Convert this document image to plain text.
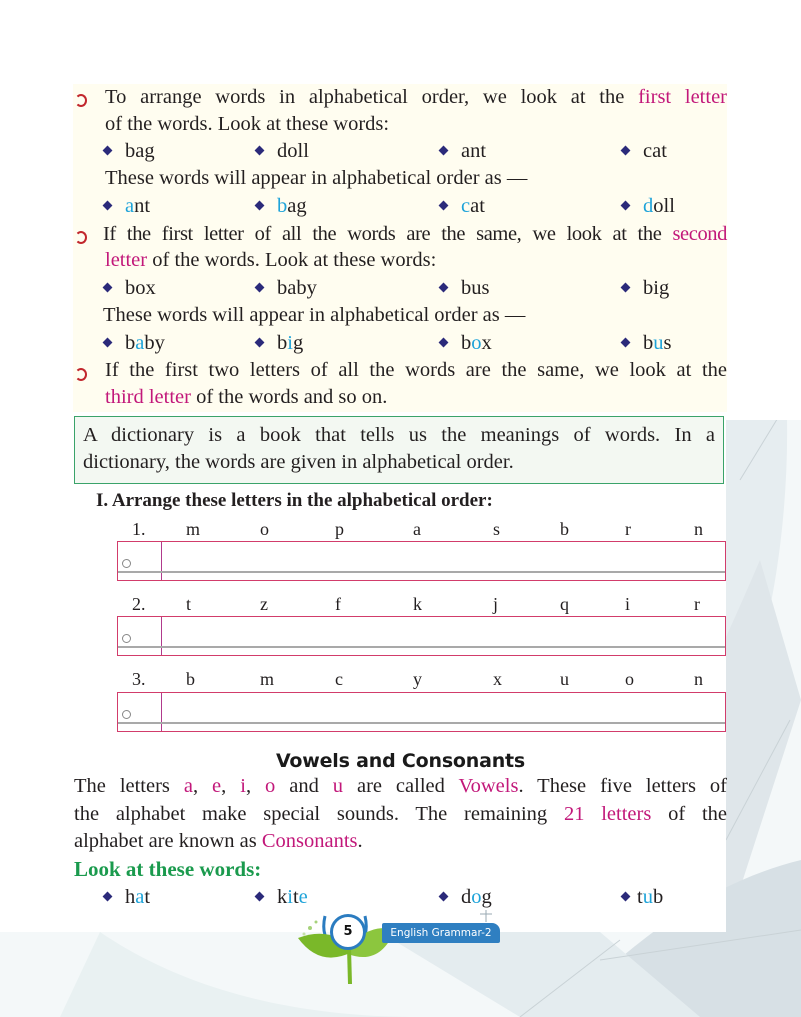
To arrange words in alphabetical order, we look at the first letter
of the words. Look at these words:
bag	doll	ant	cat
These words will appear in alphabetical order as —
ant	bag	cat	doll
If the first letter of all the words are the same, we look at the second
letter of the words. Look at these words:
box	baby	bus	big
These words will appear in alphabetical order as —
baby	big	box	bus
If the first two letters of all the words are the same, we look at the
third letter of the words and so on.
A dictionary is a book that tells us the meanings of words. In a
dictionary, the words are given in alphabetical order.
I. Arrange these letters in the alphabetical order:
1. m	o	p	a	s	b	r	n
2. t	z	f	k	j	q	i	r
3. b	m	c	y	x	u	o	n
Vowels and Consonants
The letters a, e, i, o and u are called Vowels. These five letters of
the alphabet make special sounds. The remaining 21 letters of the
alphabet are known as Consonants.
Look at these words:
hat	kite	dog	tub
5	English Grammar-2
